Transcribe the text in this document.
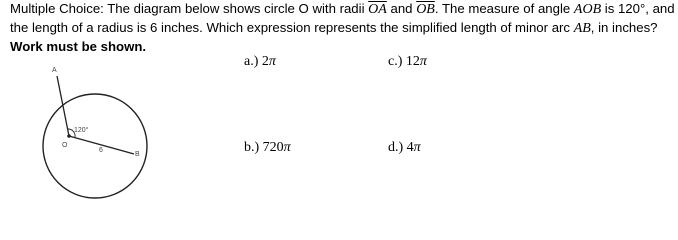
Multiple Choice: The diagram below shows circle O with radii $\overline{OA}$ and $\overline{OB}$. The measure of angle AOB is 120°, and
the length of a radius is 6 inches. Which expression represents the simplified length of minor arc AB, in inches?
Work must be shown.
A
O
B
120°
6
a.) 2π
b.) 720π
c.) 12π
d.) 4π
